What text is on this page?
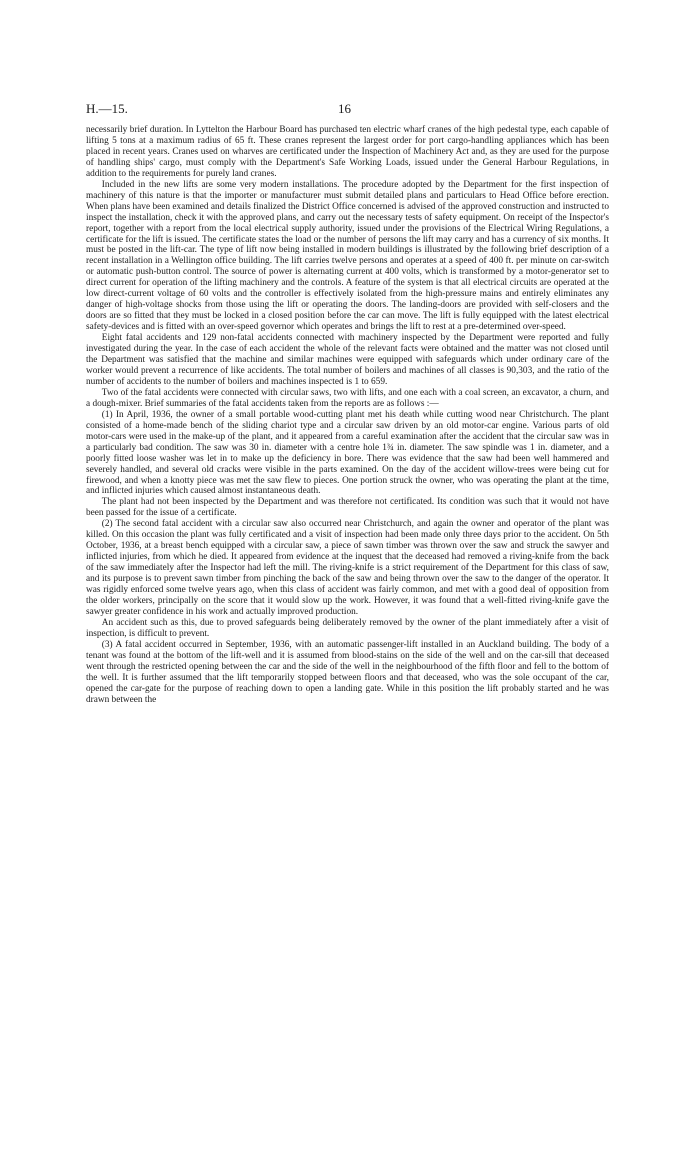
H.—15.	16

necessarily brief duration. In Lyttelton the Harbour Board has purchased ten electric wharf cranes of the high pedestal type, each capable of lifting 5 tons at a maximum radius of 65 ft. These cranes represent the largest order for port cargo-handling appliances which has been placed in recent years. Cranes used on wharves are certificated under the Inspection of Machinery Act and, as they are used for the purpose of handling ships' cargo, must comply with the Department's Safe Working Loads, issued under the General Harbour Regulations, in addition to the requirements for purely land cranes.

Included in the new lifts are some very modern installations. The procedure adopted by the Department for the first inspection of machinery of this nature is that the importer or manufacturer must submit detailed plans and particulars to Head Office before erection. When plans have been examined and details finalized the District Office concerned is advised of the approved construction and instructed to inspect the installation, check it with the approved plans, and carry out the necessary tests of safety equipment. On receipt of the Inspector's report, together with a report from the local electrical supply authority, issued under the provisions of the Electrical Wiring Regulations, a certificate for the lift is issued. The certificate states the load or the number of persons the lift may carry and has a currency of six months. It must be posted in the lift-car. The type of lift now being installed in modern buildings is illustrated by the following brief description of a recent installation in a Wellington office building. The lift carries twelve persons and operates at a speed of 400 ft. per minute on car-switch or automatic push-button control. The source of power is alternating current at 400 volts, which is transformed by a motor-generator set to direct current for operation of the lifting machinery and the controls. A feature of the system is that all electrical circuits are operated at the low direct-current voltage of 60 volts and the controller is effectively isolated from the high-pressure mains and entirely eliminates any danger of high-voltage shocks from those using the lift or operating the doors. The landing-doors are provided with self-closers and the doors are so fitted that they must be locked in a closed position before the car can move. The lift is fully equipped with the latest electrical safety-devices and is fitted with an over-speed governor which operates and brings the lift to rest at a pre-determined over-speed.

Eight fatal accidents and 129 non-fatal accidents connected with machinery inspected by the Department were reported and fully investigated during the year. In the case of each accident the whole of the relevant facts were obtained and the matter was not closed until the Department was satisfied that the machine and similar machines were equipped with safeguards which under ordinary care of the worker would prevent a recurrence of like accidents. The total number of boilers and machines of all classes is 90,303, and the ratio of the number of accidents to the number of boilers and machines inspected is 1 to 659.

Two of the fatal accidents were connected with circular saws, two with lifts, and one each with a coal screen, an excavator, a churn, and a dough-mixer. Brief summaries of the fatal accidents taken from the reports are as follows :—

(1) In April, 1936, the owner of a small portable wood-cutting plant met his death while cutting wood near Christchurch. The plant consisted of a home-made bench of the sliding chariot type and a circular saw driven by an old motor-car engine. Various parts of old motor-cars were used in the make-up of the plant, and it appeared from a careful examination after the accident that the circular saw was in a particularly bad condition. The saw was 30 in. diameter with a centre hole 1¾ in. diameter. The saw spindle was 1 in. diameter, and a poorly fitted loose washer was let in to make up the deficiency in bore. There was evidence that the saw had been well hammered and severely handled, and several old cracks were visible in the parts examined. On the day of the accident willow-trees were being cut for firewood, and when a knotty piece was met the saw flew to pieces. One portion struck the owner, who was operating the plant at the time, and inflicted injuries which caused almost instantaneous death.

The plant had not been inspected by the Department and was therefore not certificated. Its condition was such that it would not have been passed for the issue of a certificate.

(2) The second fatal accident with a circular saw also occurred near Christchurch, and again the owner and operator of the plant was killed. On this occasion the plant was fully certificated and a visit of inspection had been made only three days prior to the accident. On 5th October, 1936, at a breast bench equipped with a circular saw, a piece of sawn timber was thrown over the saw and struck the sawyer and inflicted injuries, from which he died. It appeared from evidence at the inquest that the deceased had removed a riving-knife from the back of the saw immediately after the Inspector had left the mill. The riving-knife is a strict requirement of the Department for this class of saw, and its purpose is to prevent sawn timber from pinching the back of the saw and being thrown over the saw to the danger of the operator. It was rigidly enforced some twelve years ago, when this class of accident was fairly common, and met with a good deal of opposition from the older workers, principally on the score that it would slow up the work. However, it was found that a well-fitted riving-knife gave the sawyer greater confidence in his work and actually improved production.

An accident such as this, due to proved safeguards being deliberately removed by the owner of the plant immediately after a visit of inspection, is difficult to prevent.

(3) A fatal accident occurred in September, 1936, with an automatic passenger-lift installed in an Auckland building. The body of a tenant was found at the bottom of the lift-well and it is assumed from blood-stains on the side of the well and on the car-sill that deceased went through the restricted opening between the car and the side of the well in the neighbourhood of the fifth floor and fell to the bottom of the well. It is further assumed that the lift temporarily stopped between floors and that deceased, who was the sole occupant of the car, opened the car-gate for the purpose of reaching down to open a landing gate. While in this position the lift probably started and he was drawn between the
